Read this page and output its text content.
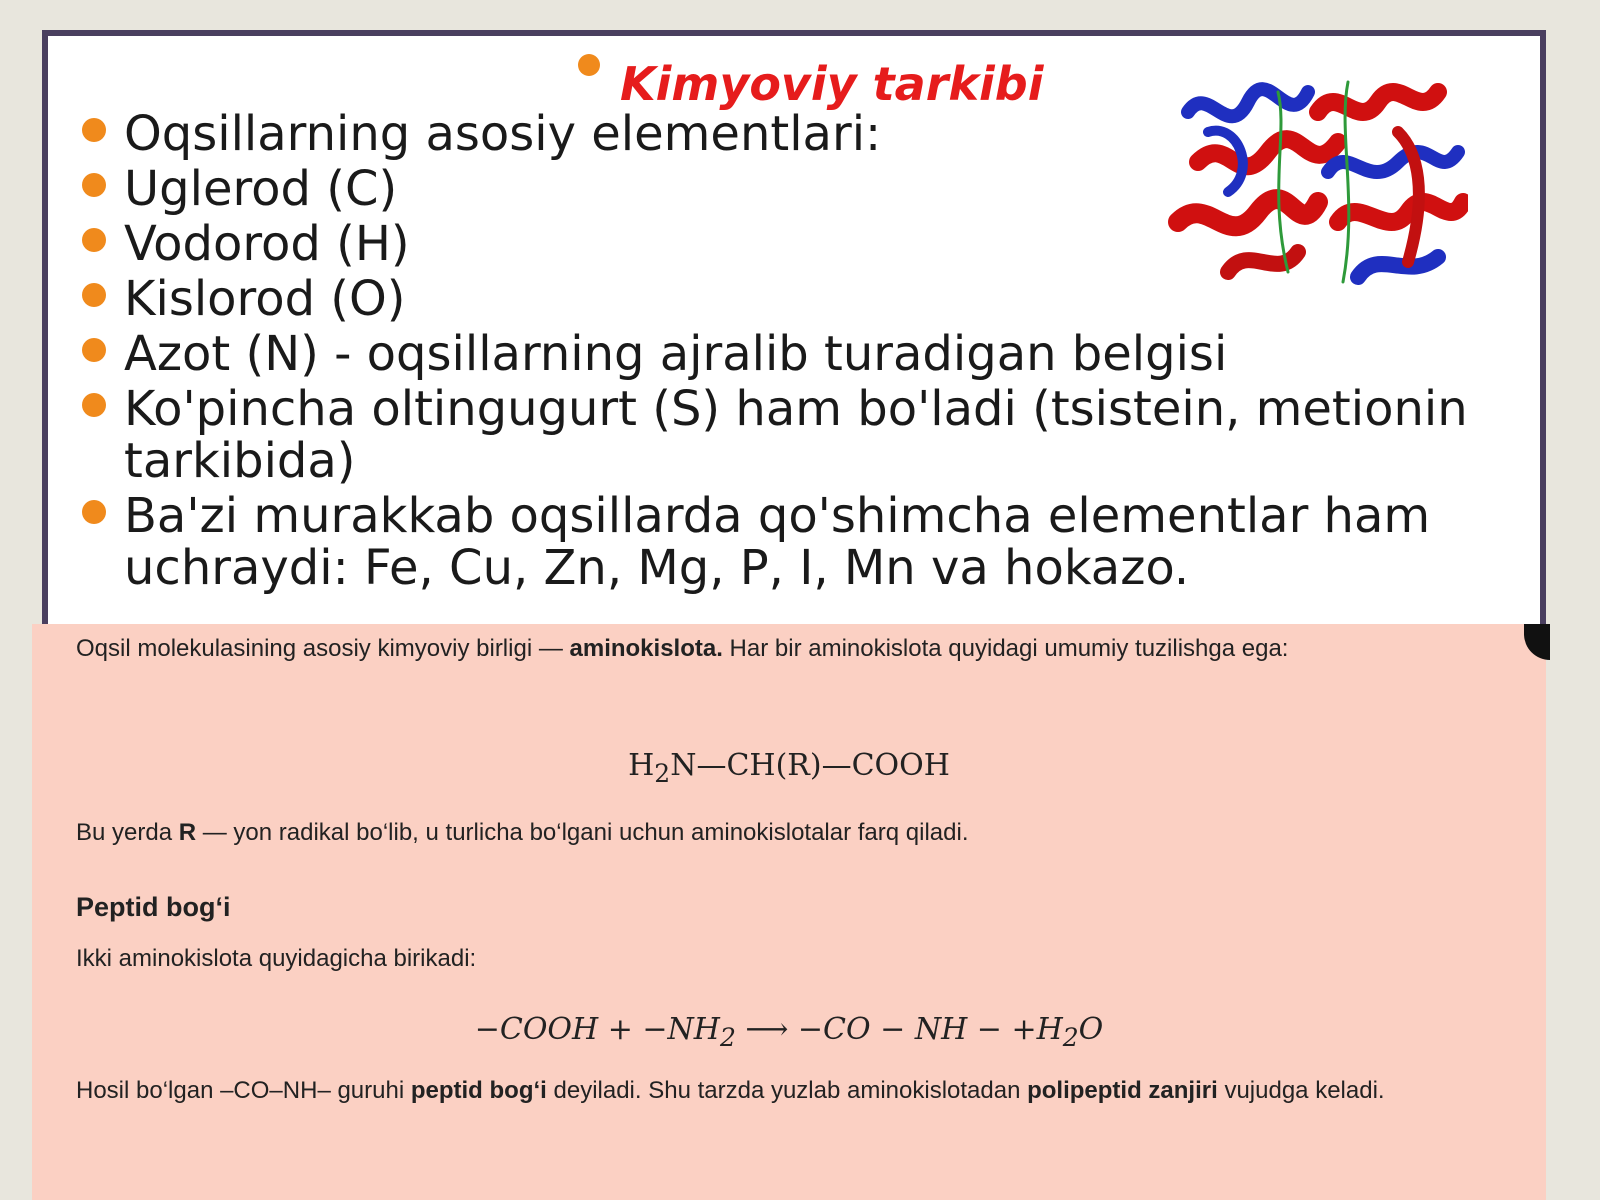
Kimyoviy tarkibi
Oqsillarning asosiy elementlari:
Uglerod (C)
Vodorod (H)
Kislorod (O)
Azot (N) - oqsillarning ajralib turadigan belgisi
Ko'pincha oltingugurt (S) ham bo'ladi (tsistein, metionin tarkibida)
Ba'zi murakkab oqsillarda qo'shimcha elementlar ham uchraydi: Fe, Cu, Zn, Mg, P, I, Mn va hokazo.

Oqsil molekulasining asosiy kimyoviy birligi — aminokislota. Har bir aminokislota quyidagi umumiy tuzilishga ega:

$H_2N—CH(R)—COOH$

Bu yerda R — yon radikal bo‘lib, u turlicha bo‘lgani uchun aminokislotalar farq qiladi.

Peptid bog‘i

Ikki aminokislota quyidagicha birikadi:

−COOH + $-NH_2$ ⟶ −CO − NH − $+H_2O$

Hosil bo‘lgan –CO–NH– guruhi peptid bog‘i deyiladi. Shu tarzda yuzlab aminokislotadan polipeptid zanjiri vujudga keladi.
